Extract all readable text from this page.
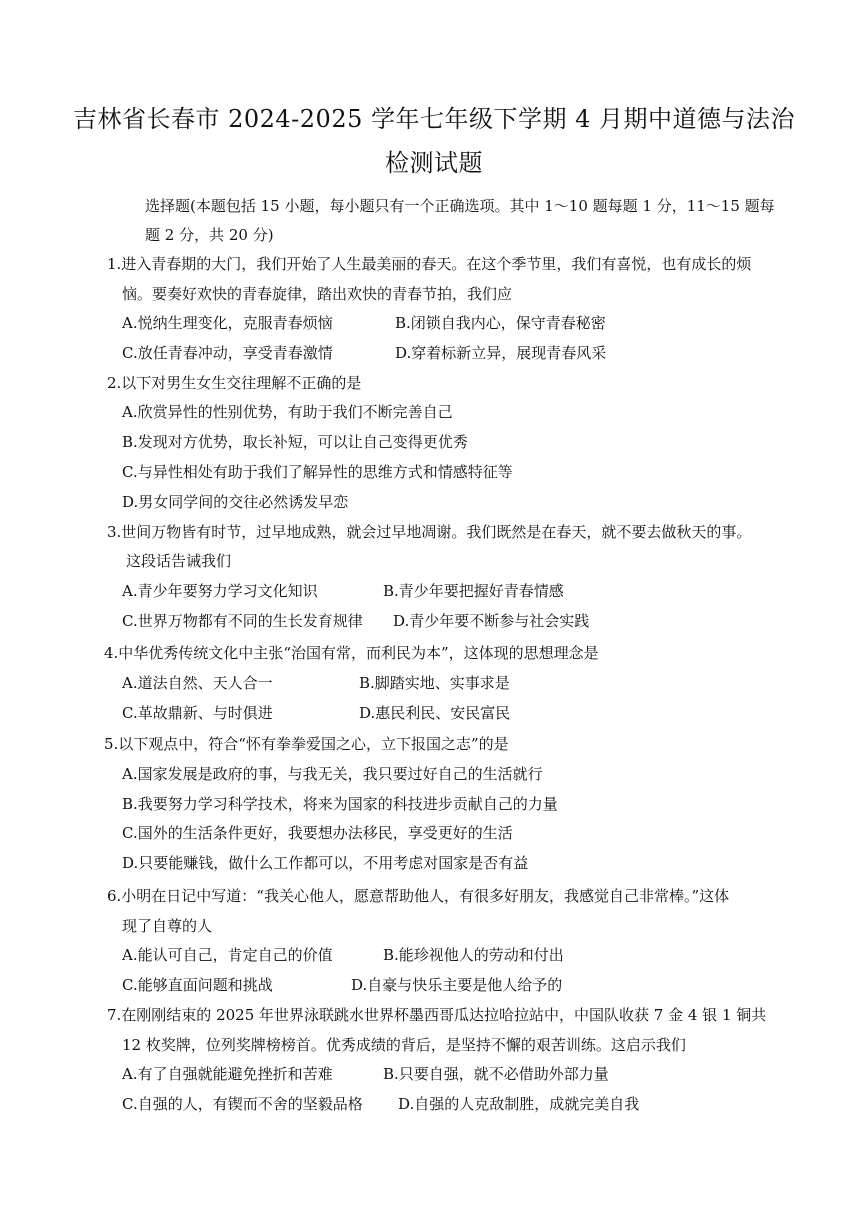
吉林省长春市 2024-2025 学年七年级下学期 4 月期中道德与法治
检测试题
选择题(本题包括 15 小题，每小题只有一个正确选项。其中 1～10 题每题 1 分，11～15 题每
题 2 分，共 20 分)
1.进入青春期的大门，我们开始了人生最美丽的春天。在这个季节里，我们有喜悦，也有成长的烦
恼。要奏好欢快的青春旋律，踏出欢快的青春节拍，我们应
A.悦纳生理变化，克服青春烦恼	B.闭锁自我内心，保守青春秘密
C.放任青春冲动，享受青春激情	D.穿着标新立异，展现青春风采
2.以下对男生女生交往理解不正确的是
A.欣赏异性的性别优势，有助于我们不断完善自己
B.发现对方优势，取长补短，可以让自己变得更优秀
C.与异性相处有助于我们了解异性的思维方式和情感特征等
D.男女同学间的交往必然诱发早恋
3.世间万物皆有时节，过早地成熟，就会过早地凋谢。我们既然是在春天，就不要去做秋天的事。
这段话告诫我们
A.青少年要努力学习文化知识	B.青少年要把握好青春情感
C.世界万物都有不同的生长发育规律 D.青少年要不断参与社会实践
4.中华优秀传统文化中主张“治国有常，而利民为本”，这体现的思想理念是
A.道法自然、天人合一	B.脚踏实地、实事求是
C.革故鼎新、与时俱进	D.惠民利民、安民富民
5.以下观点中，符合“怀有拳拳爱国之心，立下报国之志”的是
A.国家发展是政府的事，与我无关，我只要过好自己的生活就行
B.我要努力学习科学技术，将来为国家的科技进步贡献自己的力量
C.国外的生活条件更好，我要想办法移民，享受更好的生活
D.只要能赚钱，做什么工作都可以，不用考虑对国家是否有益
6.小明在日记中写道：“我关心他人，愿意帮助他人，有很多好朋友，我感觉自己非常棒。”这体
现了自尊的人
A.能认可自己，肯定自己的价值	B.能珍视他人的劳动和付出
C.能够直面问题和挑战	D.自豪与快乐主要是他人给予的
7.在刚刚结束的 2025 年世界泳联跳水世界杯墨西哥瓜达拉哈拉站中，中国队收获 7 金 4 银 1 铜共
12 枚奖牌，位列奖牌榜榜首。优秀成绩的背后，是坚持不懈的艰苦训练。这启示我们
A.有了自强就能避免挫折和苦难	B.只要自强，就不必借助外部力量
C.自强的人，有锲而不舍的坚毅品格 D.自强的人克敌制胜，成就完美自我
